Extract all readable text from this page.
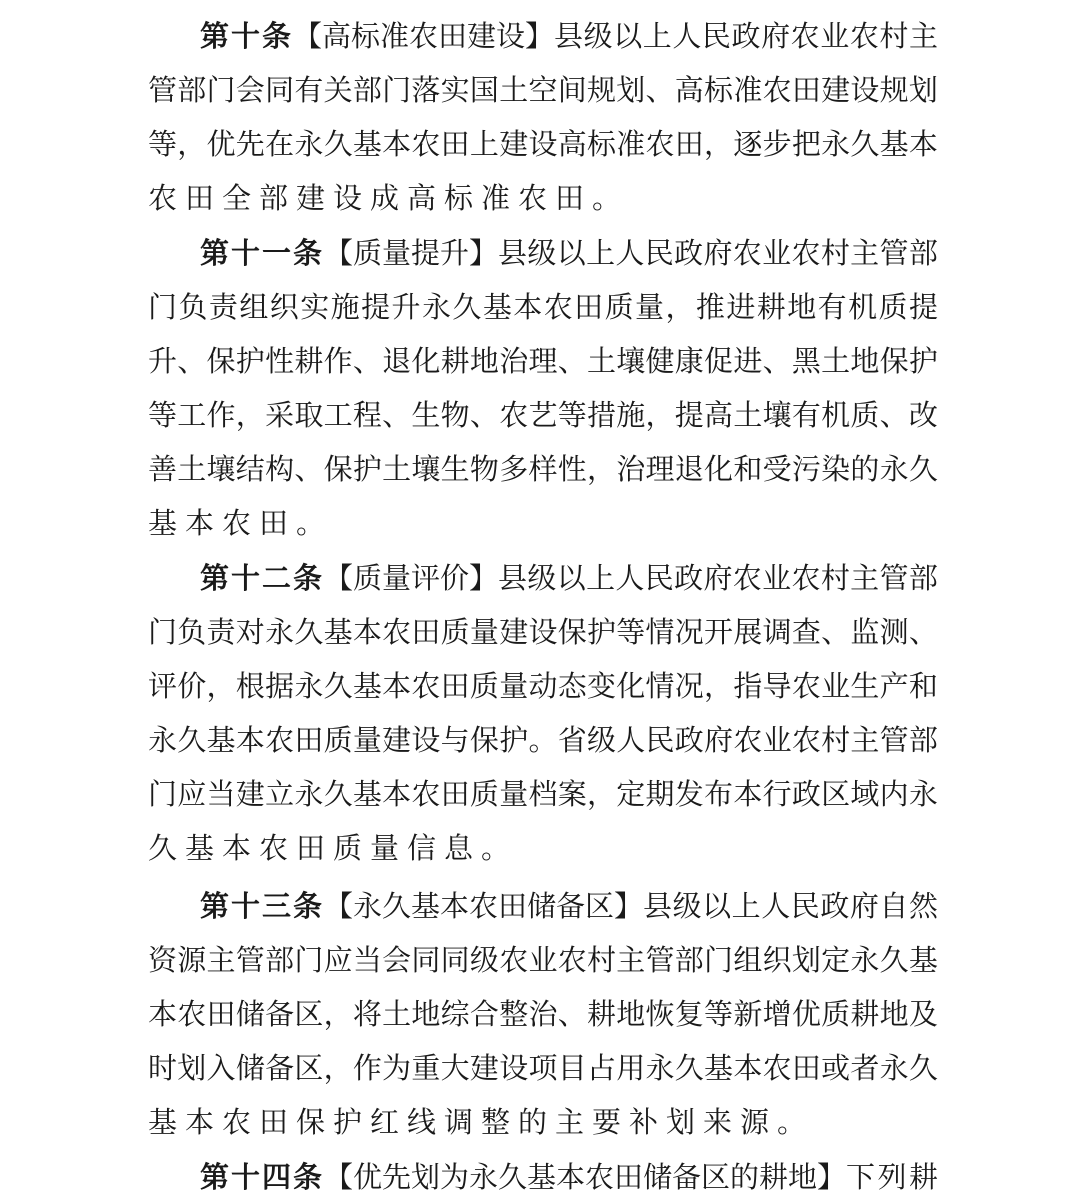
第十条 【高标准农田建设】 县 级 以 上 人 民 政 府 农 业 农 村 主
管 部 门 会 同 有 关 部 门 落 实 国 土 空 间 规 划 、 高 标 准 农 田 建 设 规 划
等 ， 优 先 在 永 久 基 本 农 田 上 建 设 高 标 准 农 田 ， 逐 步 把 永 久 基 本
农田全部建设成高标准农田。
第十一条 【质量提升】 县 级 以 上 人 民 政 府 农 业 农 村 主 管 部
门 负 责 组 织 实 施 提 升 永 久 基 本 农 田 质 量 ， 推 进 耕 地 有 机 质 提
升 、 保 护 性 耕 作 、 退 化 耕 地 治 理 、 土 壤 健 康 促 进 、 黑 土 地 保 护
等 工 作 ， 采 取 工 程 、 生 物 、 农 艺 等 措 施 ， 提 高 土 壤 有 机 质 、 改
善 土 壤 结 构 、 保 护 土 壤 生 物 多 样 性 ， 治 理 退 化 和 受 污 染 的 永 久
基本农田。
第十二条 【质量评价】 县 级 以 上 人 民 政 府 农 业 农 村 主 管 部
门 负 责 对 永 久 基 本 农 田 质 量 建 设 保 护 等 情 况 开 展 调 查 、 监 测 、
评 价 ， 根 据 永 久 基 本 农 田 质 量 动 态 变 化 情 况 ， 指 导 农 业 生 产 和
永 久 基 本 农 田 质 量 建 设 与 保 护 。 省 级 人 民 政 府 农 业 农 村 主 管 部
门 应 当 建 立 永 久 基 本 农 田 质 量 档 案 ， 定 期 发 布 本 行 政 区 域 内 永
久基本农田质量信息。
第十三条 【永久基本农田储备区】 县 级 以 上 人 民 政 府 自 然
资 源 主 管 部 门 应 当 会 同 同 级 农 业 农 村 主 管 部 门 组 织 划 定 永 久 基
本 农 田 储 备 区 ， 将 土 地 综 合 整 治 、 耕 地 恢 复 等 新 增 优 质 耕 地 及
时 划 入 储 备 区 ， 作 为 重 大 建 设 项 目 占 用 永 久 基 本 农 田 或 者 永 久
基本农田保护红线调整的主要补划来源。
第十四条 【优先划为永久基本农田储备区的耕地】 下 列 耕
